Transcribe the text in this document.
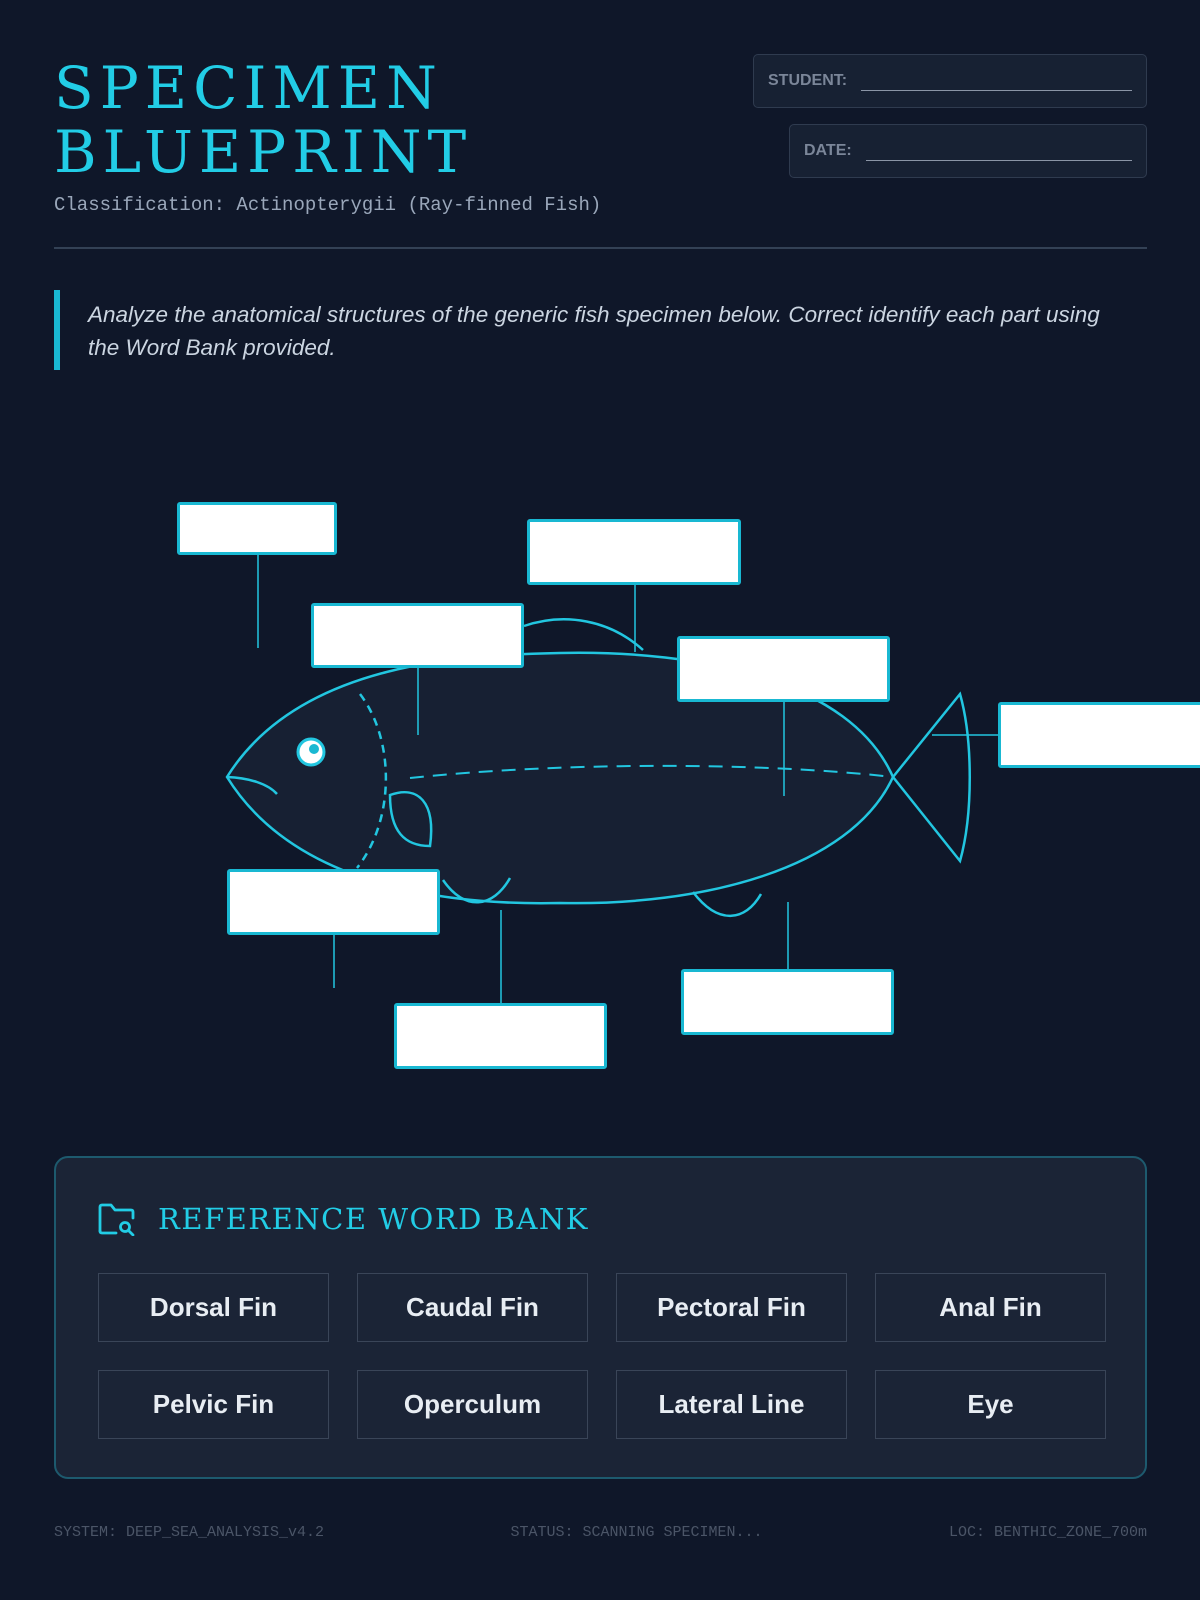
SPECIMEN
BLUEPRINT
Classification: Actinopterygii (Ray-finned Fish)
STUDENT:
DATE:
Analyze the anatomical structures of the generic fish specimen below. Correct identify each part using the Word Bank provided.
REFERENCE WORD BANK
Dorsal Fin	Caudal Fin	Pectoral Fin	Anal Fin
Pelvic Fin	Operculum	Lateral Line	Eye
SYSTEM: DEEP_SEA_ANALYSIS_v4.2	STATUS: SCANNING SPECIMEN...	LOC: BENTHIC_ZONE_700m
